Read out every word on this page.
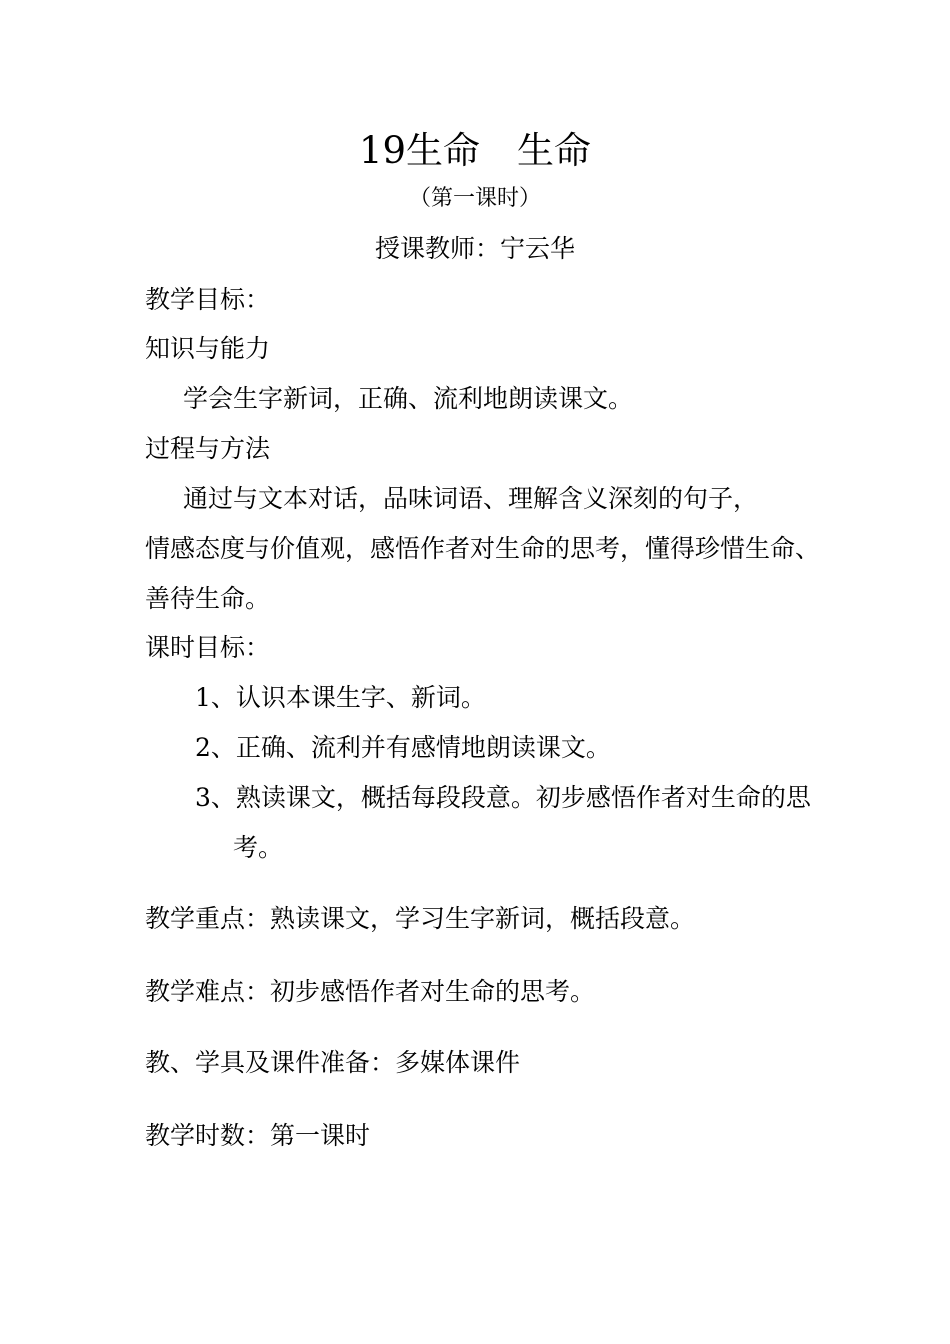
19生命　生命
（第一课时）
授课教师：宁云华
教学目标：
知识与能力
学会生字新词，正确、流利地朗读课文。
过程与方法
通过与文本对话，品味词语、理解含义深刻的句子，
情感态度与价值观，感悟作者对生命的思考，懂得珍惜生命、
善待生命。
课时目标：
1、认识本课生字、新词。
2、正确、流利并有感情地朗读课文。
3、熟读课文，概括每段段意。初步感悟作者对生命的思
考。
教学重点：熟读课文，学习生字新词，概括段意。
教学难点：初步感悟作者对生命的思考。
教、学具及课件准备：多媒体课件
教学时数：第一课时
